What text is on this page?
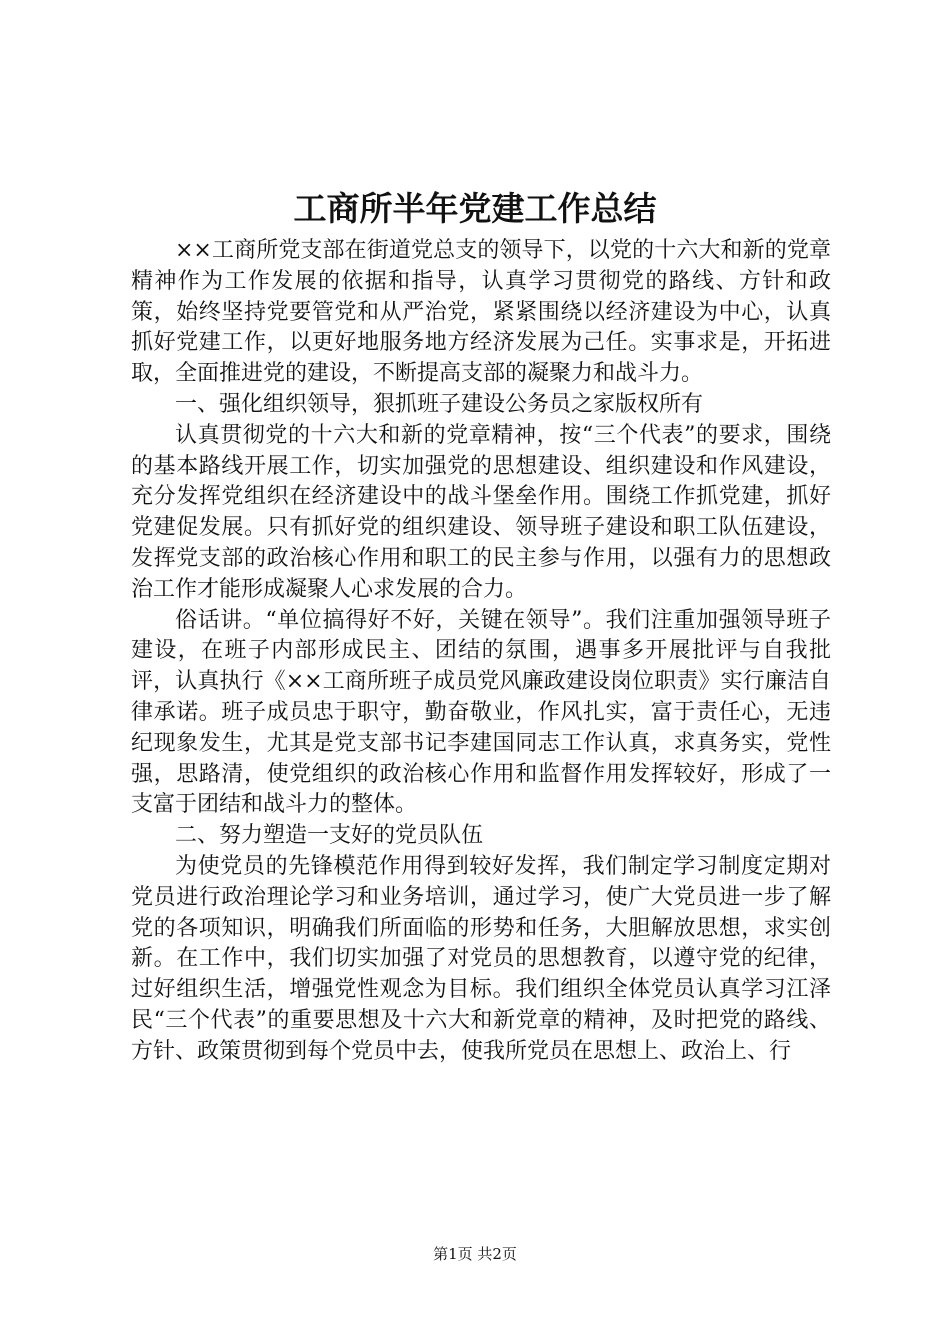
工商所半年党建工作总结

××工商所党支部在街道党总支的领导下，以党的十六大和新的党章精神作为工作发展的依据和指导，认真学习贯彻党的路线、方针和政策，始终坚持党要管党和从严治党，紧紧围绕以经济建设为中心，认真抓好党建工作，以更好地服务地方经济发展为己任。实事求是，开拓进取，全面推进党的建设，不断提高支部的凝聚力和战斗力。

一、强化组织领导，狠抓班子建设公务员之家版权所有

认真贯彻党的十六大和新的党章精神，按“三个代表”的要求，围绕的基本路线开展工作，切实加强党的思想建设、组织建设和作风建设，充分发挥党组织在经济建设中的战斗堡垒作用。围绕工作抓党建，抓好党建促发展。只有抓好党的组织建设、领导班子建设和职工队伍建设，发挥党支部的政治核心作用和职工的民主参与作用，以强有力的思想政治工作才能形成凝聚人心求发展的合力。

俗话讲。“单位搞得好不好，关键在领导”。我们注重加强领导班子建设，在班子内部形成民主、团结的氛围，遇事多开展批评与自我批评，认真执行《××工商所班子成员党风廉政建设岗位职责》实行廉洁自律承诺。班子成员忠于职守，勤奋敬业，作风扎实，富于责任心，无违纪现象发生，尤其是党支部书记李建国同志工作认真，求真务实，党性强，思路清，使党组织的政治核心作用和监督作用发挥较好，形成了一支富于团结和战斗力的整体。

二、努力塑造一支好的党员队伍

为使党员的先锋模范作用得到较好发挥，我们制定学习制度定期对党员进行政治理论学习和业务培训，通过学习，使广大党员进一步了解党的各项知识，明确我们所面临的形势和任务，大胆解放思想，求实创新。在工作中，我们切实加强了对党员的思想教育，以遵守党的纪律，过好组织生活，增强党性观念为目标。我们组织全体党员认真学习江泽民“三个代表”的重要思想及十六大和新党章的精神，及时把党的路线、方针、政策贯彻到每个党员中去，使我所党员在思想上、政治上、行

第1页 共2页
